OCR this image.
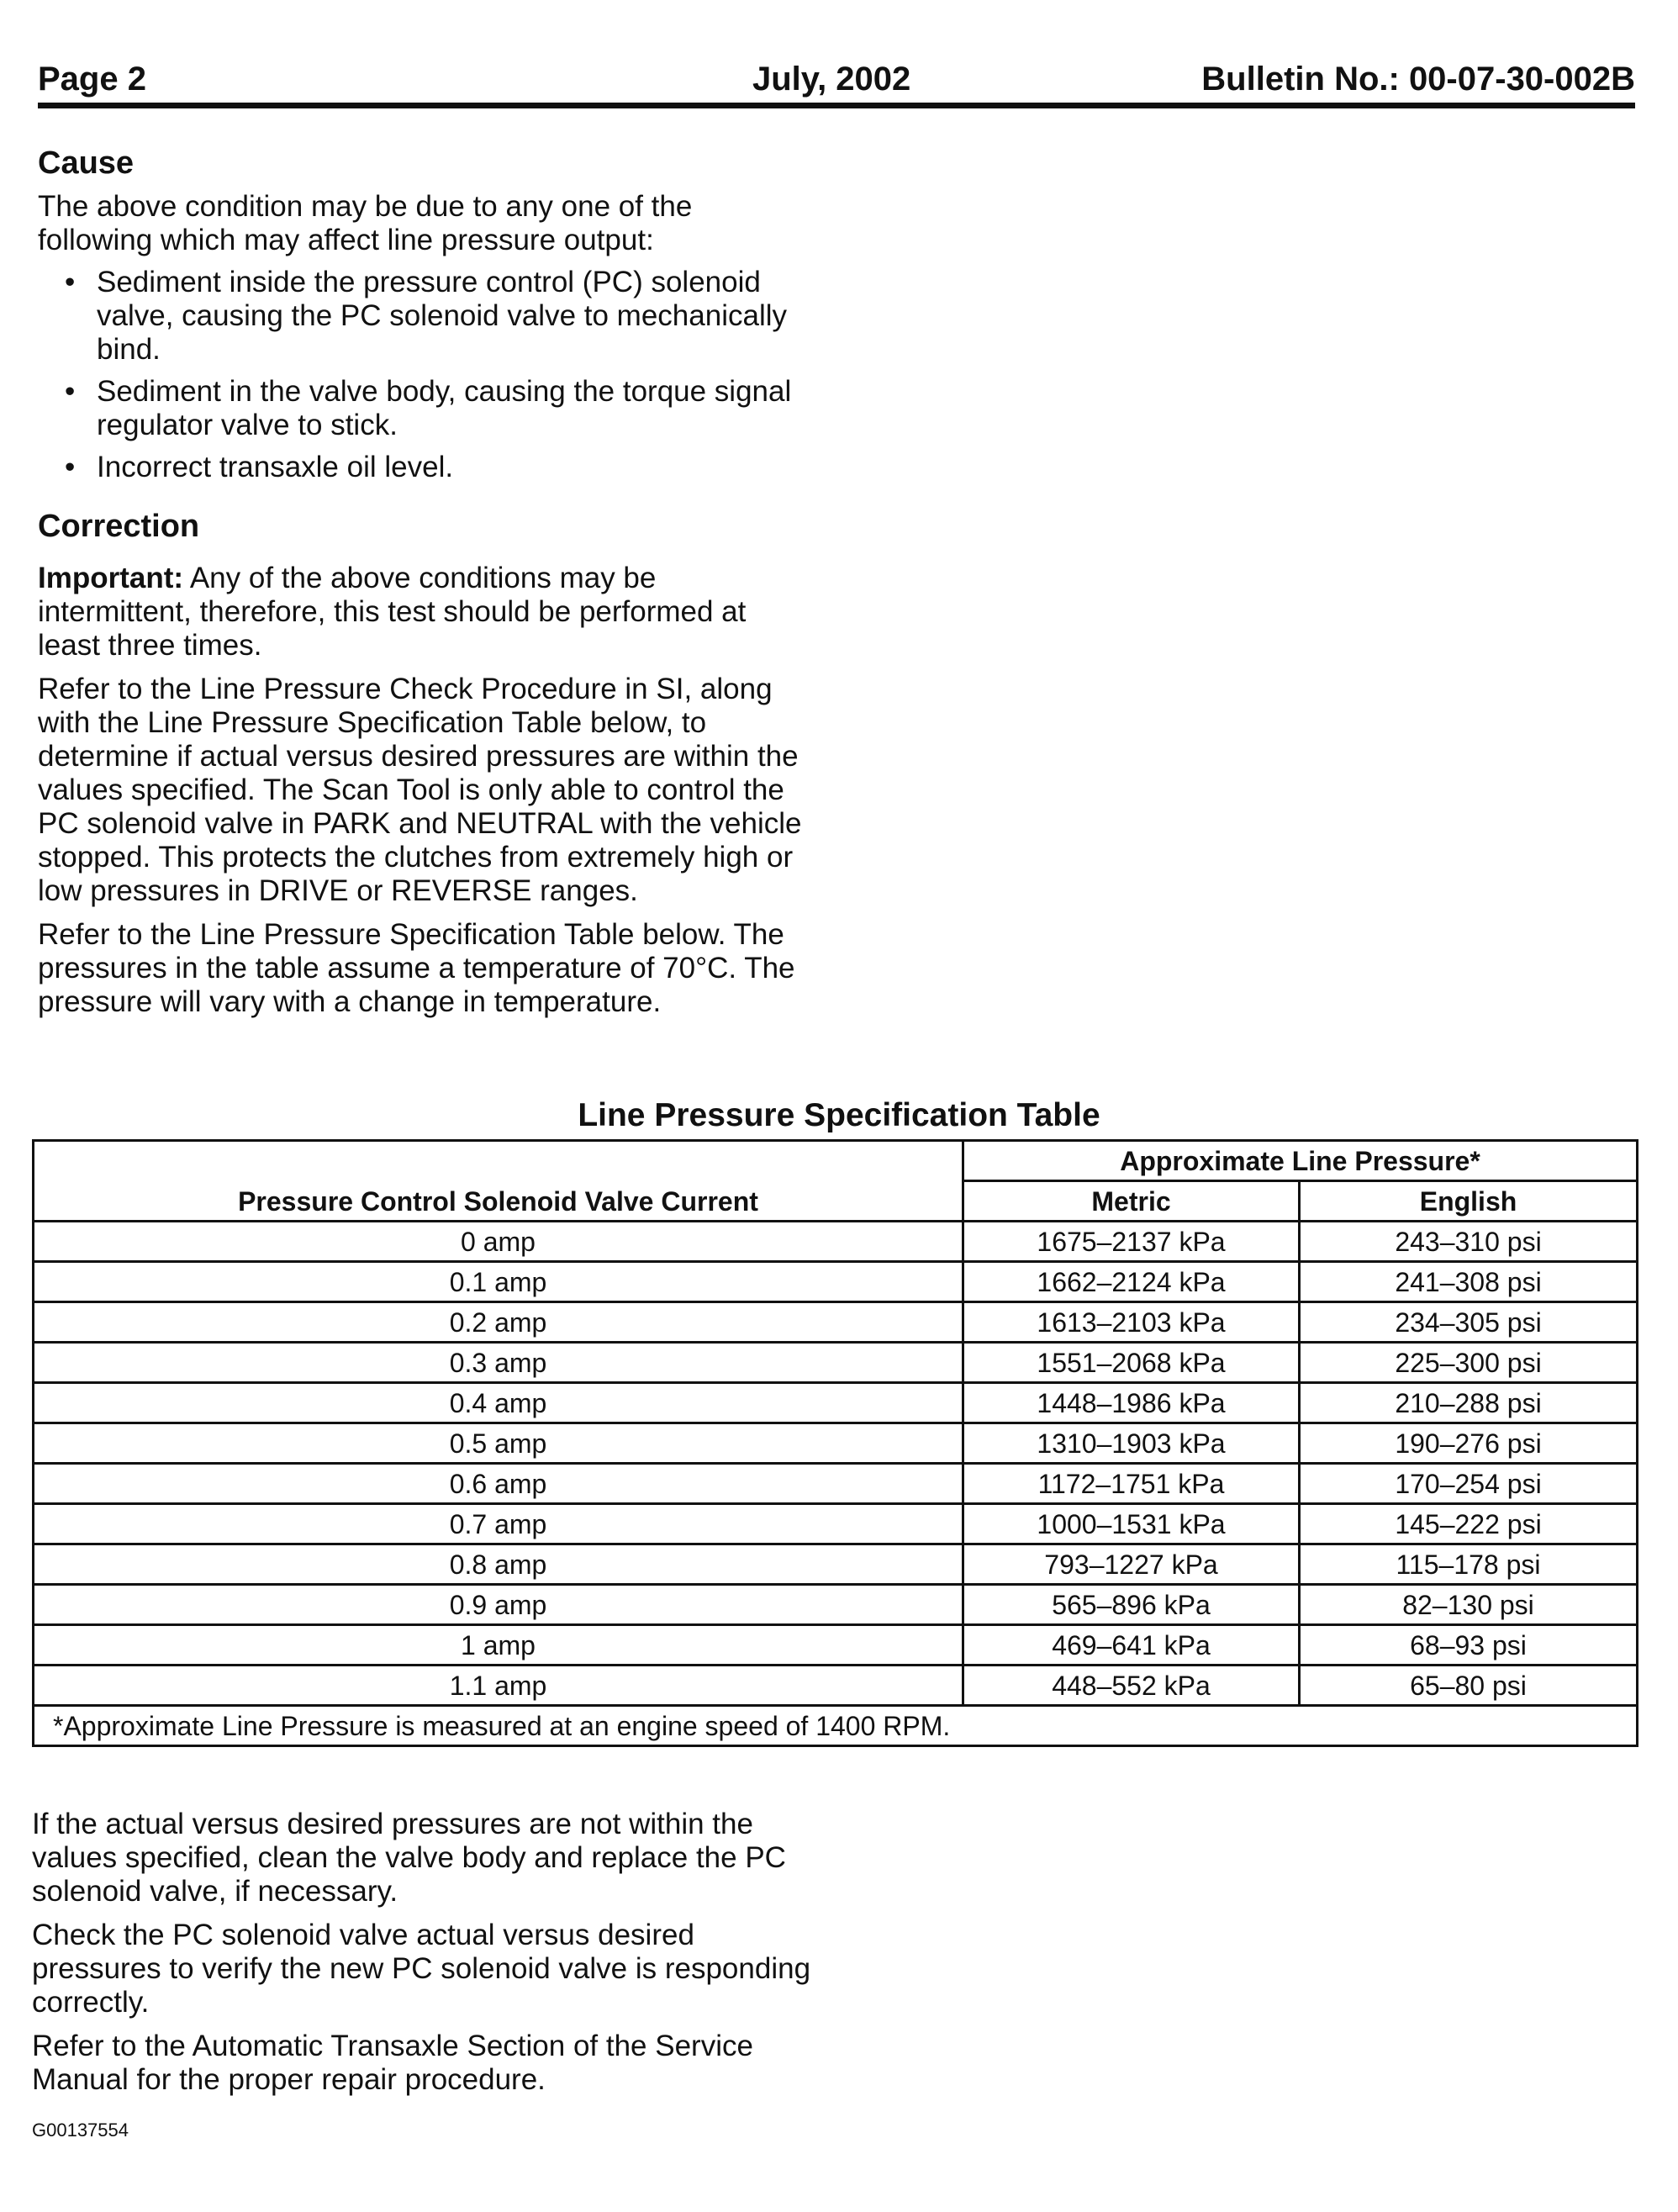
Page 2	July, 2002	Bulletin No.: 00-07-30-002B
Cause

The above condition may be due to any one of the following which may affect line pressure output:

• Sediment inside the pressure control (PC) solenoid valve, causing the PC solenoid valve to mechanically bind.
• Sediment in the valve body, causing the torque signal regulator valve to stick.
• Incorrect transaxle oil level.
Correction

Important: Any of the above conditions may be intermittent, therefore, this test should be performed at least three times.

Refer to the Line Pressure Check Procedure in SI, along with the Line Pressure Specification Table below, to determine if actual versus desired pressures are within the values specified. The Scan Tool is only able to control the PC solenoid valve in PARK and NEUTRAL with the vehicle stopped. This protects the clutches from extremely high or low pressures in DRIVE or REVERSE ranges.

Refer to the Line Pressure Specification Table below. The pressures in the table assume a temperature of 70°C. The pressure will vary with a change in temperature.

Line Pressure Specification Table
Pressure Control Solenoid Valve Current	Approximate Line Pressure*	
	Metric	English
0 amp	1675–2137 kPa	243–310 psi
0.1 amp	1662–2124 kPa	241–308 psi
0.2 amp	1613–2103 kPa	234–305 psi
0.3 amp	1551–2068 kPa	225–300 psi
0.4 amp	1448–1986 kPa	210–288 psi
0.5 amp	1310–1903 kPa	190–276 psi
0.6 amp	1172–1751 kPa	170–254 psi
0.7 amp	1000–1531 kPa	145–222 psi
0.8 amp	793–1227 kPa	115–178 psi
0.9 amp	565–896 kPa	82–130 psi
1 amp	469–641 kPa	68–93 psi
1.1 amp	448–552 kPa	65–80 psi
*Approximate Line Pressure is measured at an engine speed of 1400 RPM.		

If the actual versus desired pressures are not within the values specified, clean the valve body and replace the PC solenoid valve, if necessary.

Check the PC solenoid valve actual versus desired pressures to verify the new PC solenoid valve is responding correctly.

Refer to the Automatic Transaxle Section of the Service Manual for the proper repair procedure.

G00137554
